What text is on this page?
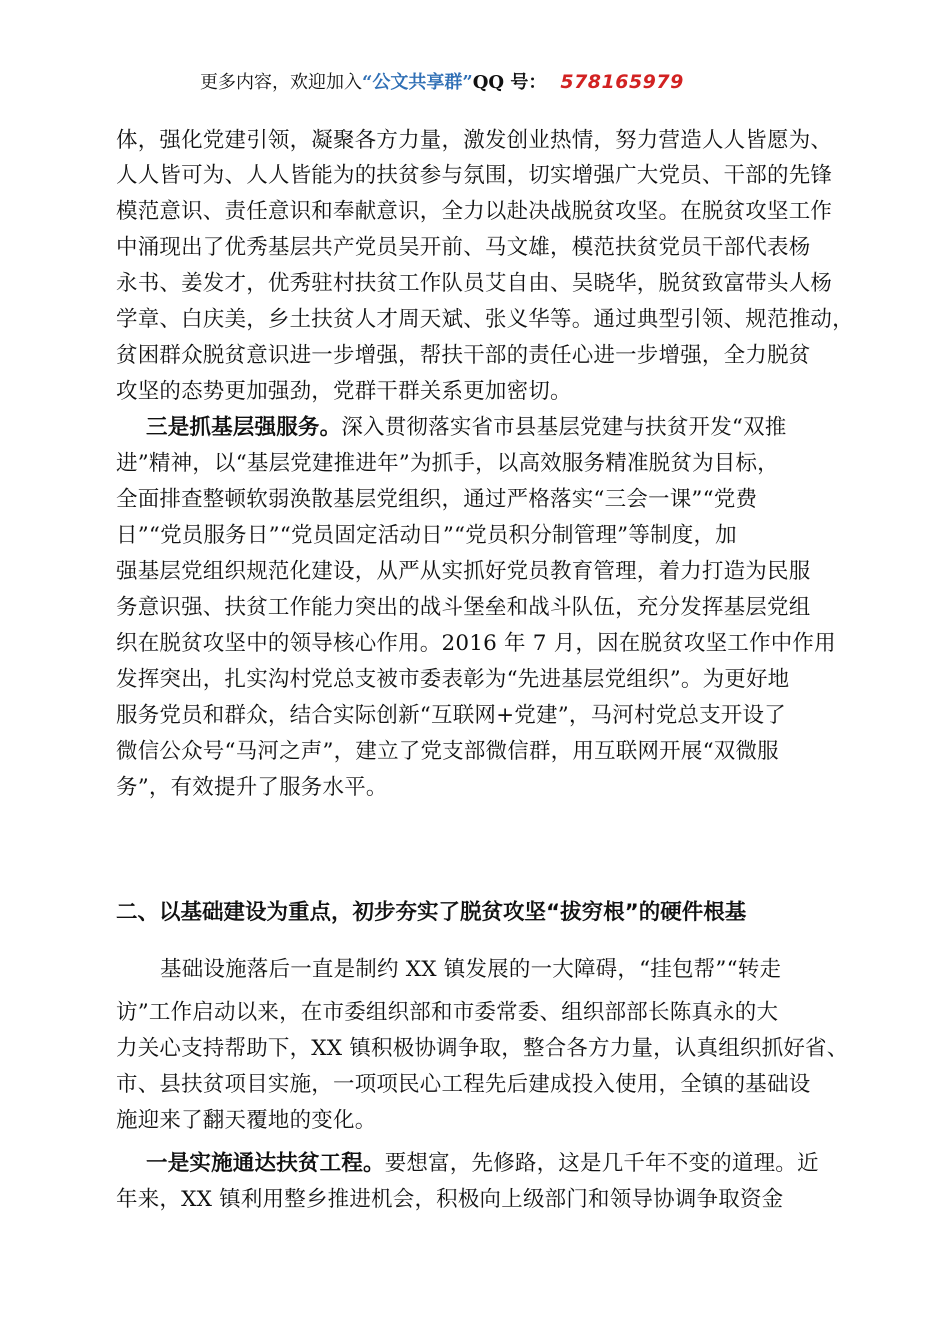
更多内容，欢迎加入“公文共享群”QQ 号： 578165979
体，强化党建引领，凝聚各方力量，激发创业热情，努力营造人人皆愿为、
人人皆可为、人人皆能为的扶贫参与氛围，切实增强广大党员、干部的先锋
模范意识、责任意识和奉献意识，全力以赴决战脱贫攻坚。在脱贫攻坚工作
中涌现出了优秀基层共产党员吴开前、马文雄，模范扶贫党员干部代表杨
永书、姜发才，优秀驻村扶贫工作队员艾自由、吴晓华，脱贫致富带头人杨
学章、白庆美，乡土扶贫人才周天斌、张义华等。通过典型引领、规范推动，
贫困群众脱贫意识进一步增强，帮扶干部的责任心进一步增强，全力脱贫
攻坚的态势更加强劲，党群干群关系更加密切。
三是抓基层强服务。深入贯彻落实省市县基层党建与扶贫开发“双推
进”精神，以“基层党建推进年”为抓手，以高效服务精准脱贫为目标，
全面排查整顿软弱涣散基层党组织，通过严格落实“三会一课”“党费
日”“党员服务日”“党员固定活动日”“党员积分制管理”等制度，加
强基层党组织规范化建设，从严从实抓好党员教育管理，着力打造为民服
务意识强、扶贫工作能力突出的战斗堡垒和战斗队伍，充分发挥基层党组
织在脱贫攻坚中的领导核心作用。2016 年 7 月，因在脱贫攻坚工作中作用
发挥突出，扎实沟村党总支被市委表彰为“先进基层党组织”。为更好地
服务党员和群众，结合实际创新“互联网+党建”，马河村党总支开设了
微信公众号“马河之声”，建立了党支部微信群，用互联网开展“双微服
务”，有效提升了服务水平。
二、以基础建设为重点，初步夯实了脱贫攻坚“拔穷根”的硬件根基
基础设施落后一直是制约 XX 镇发展的一大障碍，“挂包帮”“转走
访”工作启动以来，在市委组织部和市委常委、组织部部长陈真永的大
力关心支持帮助下，XX 镇积极协调争取，整合各方力量，认真组织抓好省、
市、县扶贫项目实施，一项项民心工程先后建成投入使用，全镇的基础设
施迎来了翻天覆地的变化。
一是实施通达扶贫工程。要想富，先修路，这是几千年不变的道理。近
年来，XX 镇利用整乡推进机会，积极向上级部门和领导协调争取资金
